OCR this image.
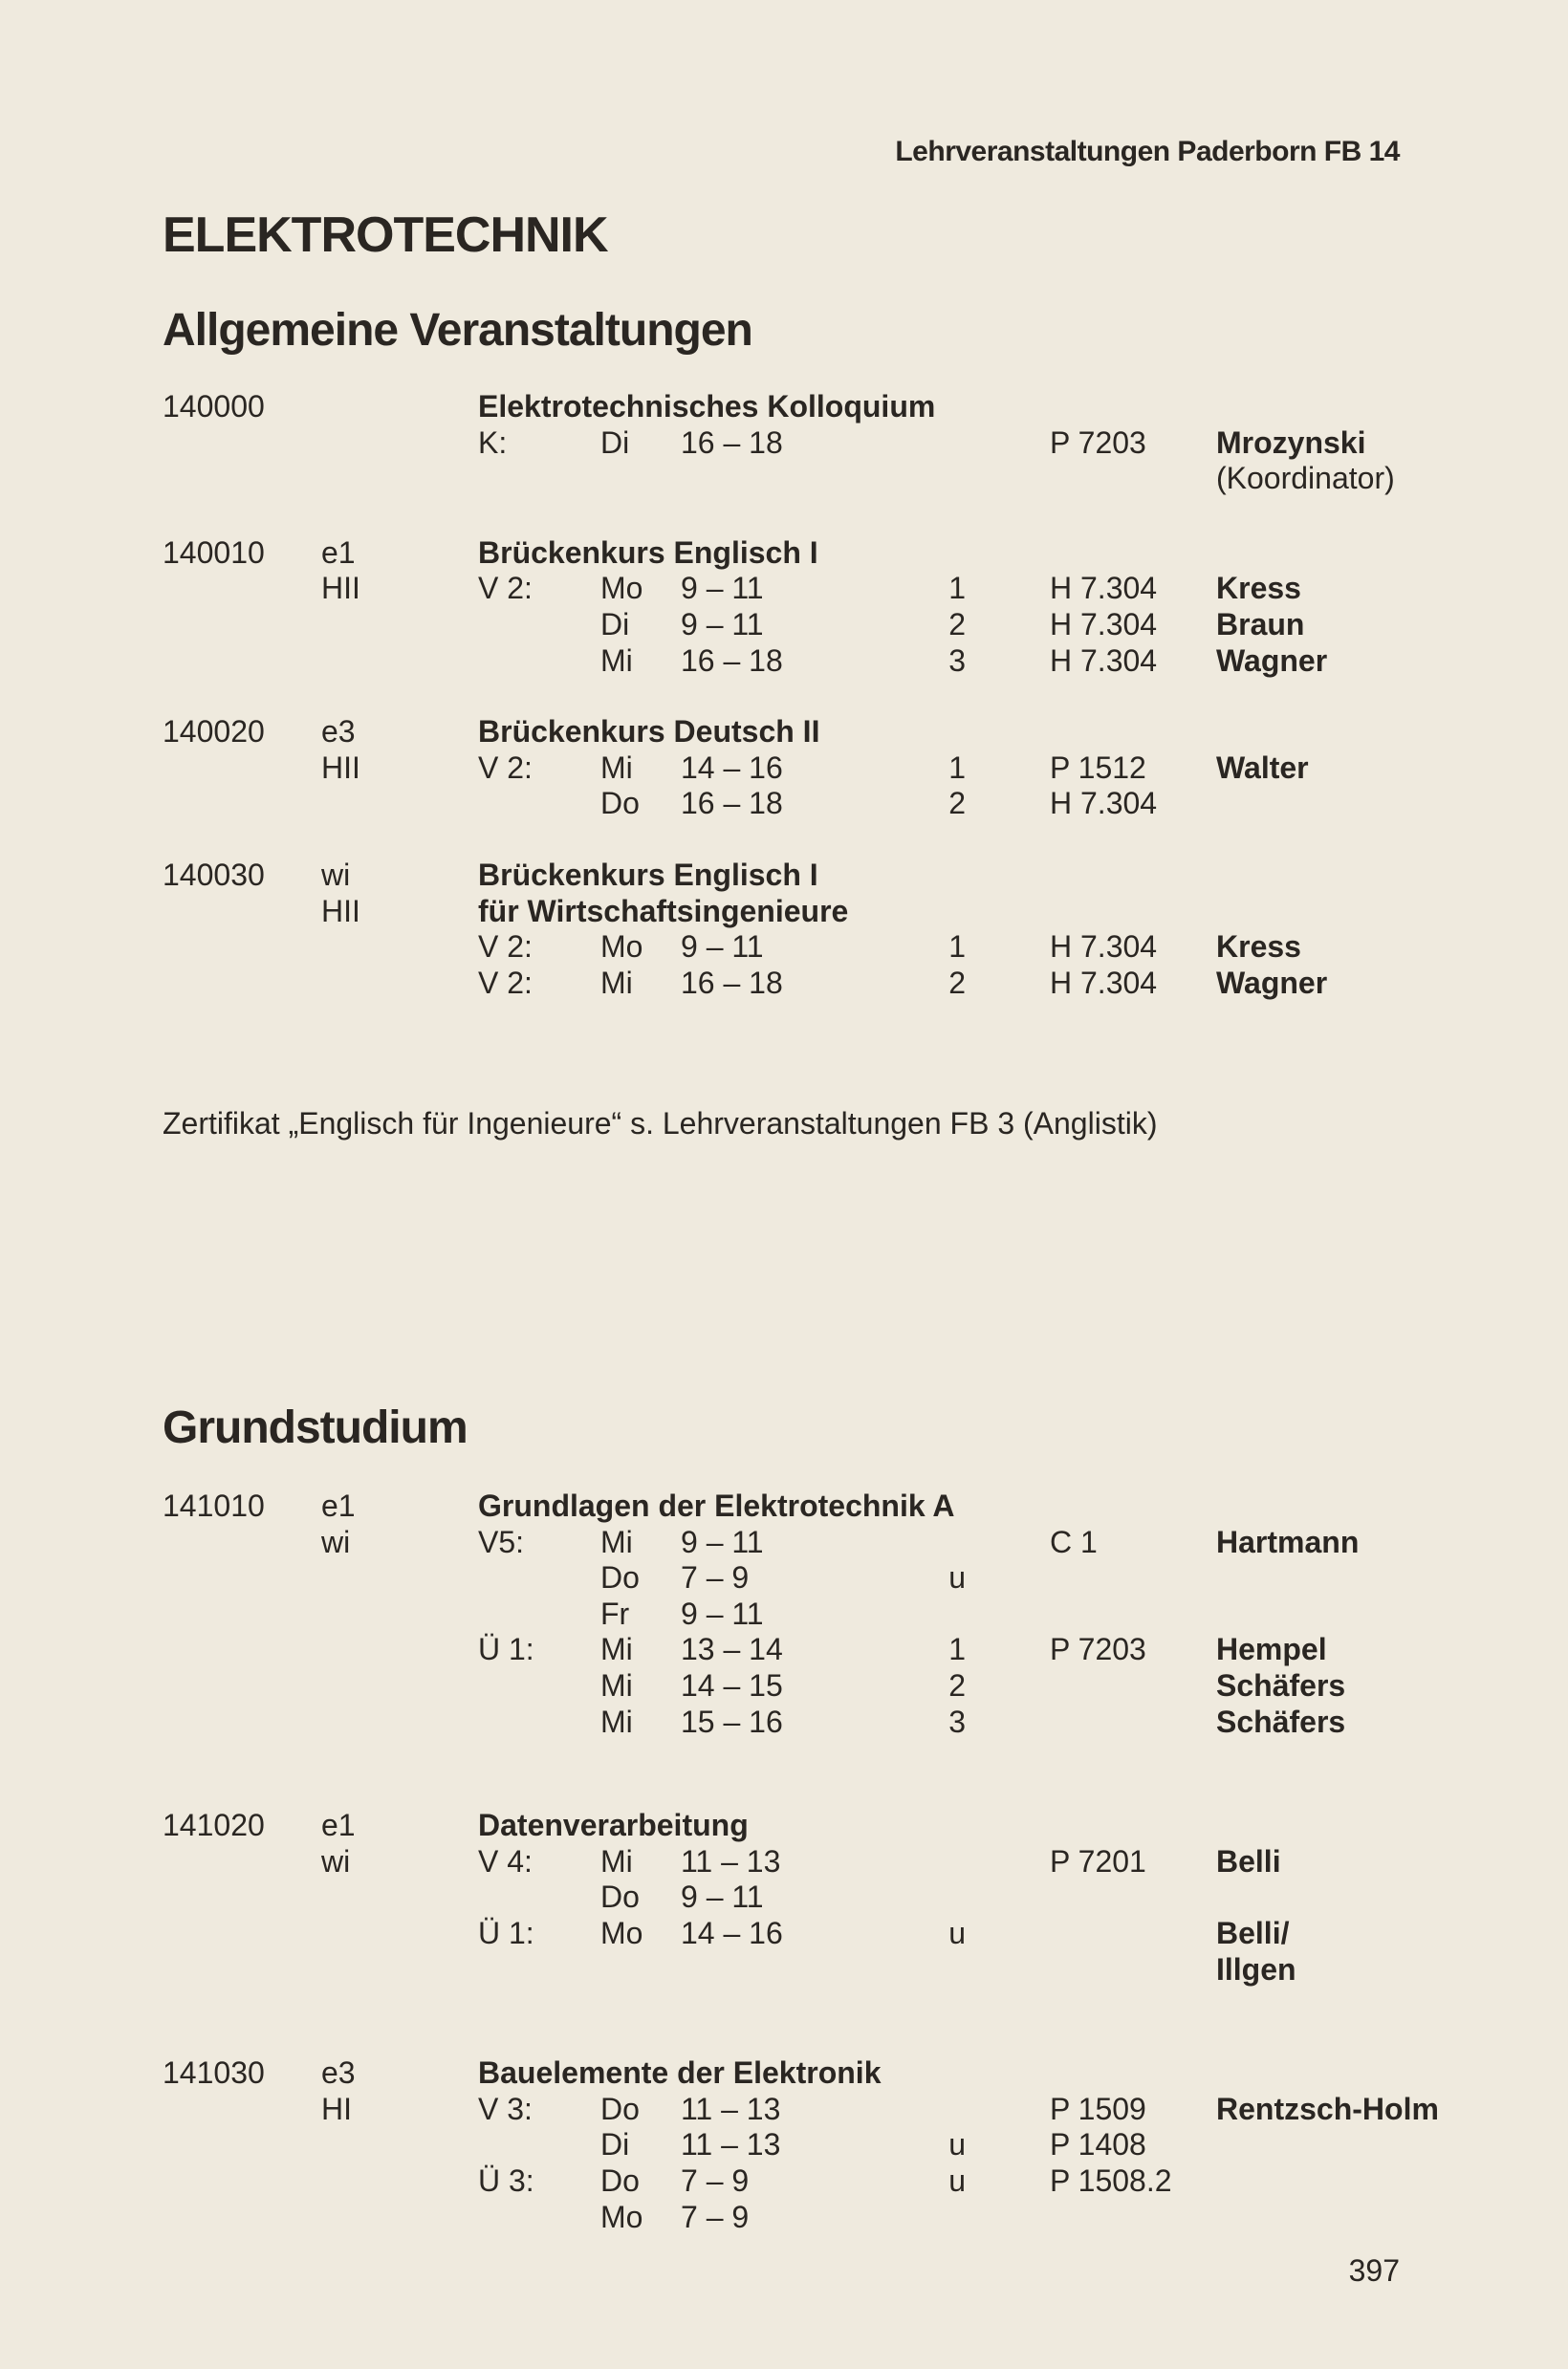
Lehrveranstaltungen Paderborn FB 14
ELEKTROTECHNIK
Allgemeine Veranstaltungen
140000	Elektrotechnisches Kolloquium
K:	Di 16 – 18	P 7203 Mrozynski
(Koordinator)
140010 e1	Brückenkurs Englisch I
HII	V 2: Mo 9 – 11	1	H 7.304 Kress
Di 9 – 11	2	H 7.304 Braun
Mi 16 – 18	3	H 7.304 Wagner
140020 e3	Brückenkurs Deutsch II
HII	V 2: Mi 14 – 16	1	P 1512 Walter
Do 16 – 18	2	H 7.304
140030 wi	Brückenkurs Englisch I
HII	für Wirtschaftsingenieure
V 2: Mo 9 – 11	1	H 7.304 Kress
V 2: Mi 16 – 18	2	H 7.304 Wagner
Zertifikat „Englisch für Ingenieure“ s. Lehrveranstaltungen FB 3 (Anglistik)
Grundstudium
141010 e1	Grundlagen der Elektrotechnik A
wi	V5: Mi 9 – 11	C 1	Hartmann
Do 7 – 9	u
Fr 9 – 11
Ü 1: Mi 13 – 14	1	P 7203 Hempel
Mi 14 – 15	2	Schäfers
Mi 15 – 16	3	Schäfers
141020 e1	Datenverarbeitung
wi	V 4: Mi 11 – 13	P 7201 Belli
Do 9 – 11
Ü 1: Mo 14 – 16	u	Belli/
Illgen
141030 e3	Bauelemente der Elektronik
HI	V 3: Do 11 – 13	P 1509 Rentzsch-Holm
Di 11 – 13	u	P 1408
Ü 3: Do 7 – 9	u	P 1508.2
Mo 7 – 9
397
